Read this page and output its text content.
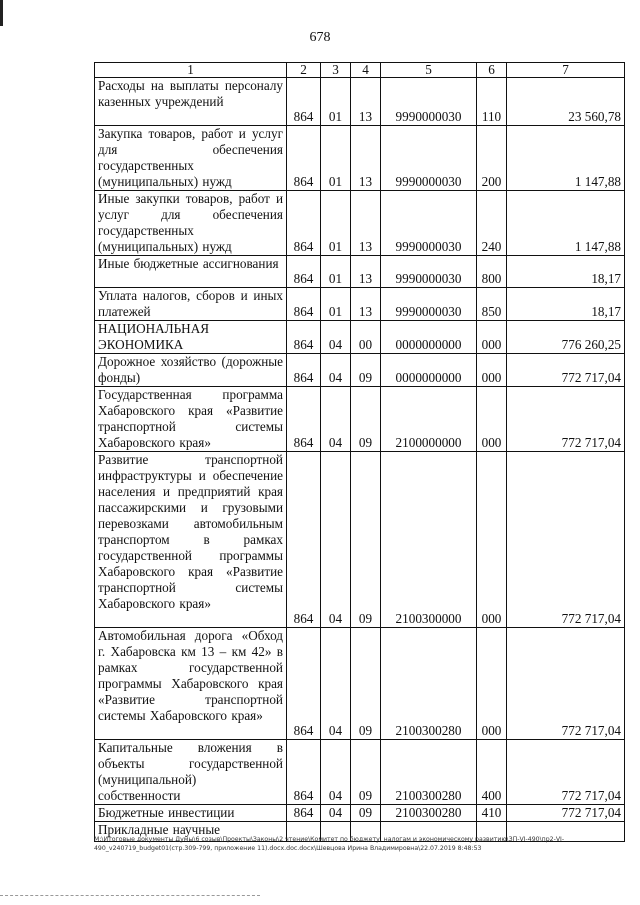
678
1	2	3	4	5	6	7
Расходы на выплаты персоналу казенных учреждений	864	01	13	9990000030	110	23 560,78
Закупка товаров, работ и услуг для обеспечения государственных (муниципальных) нужд	864	01	13	9990000030	200	1 147,88
Иные закупки товаров, работ и услуг для обеспечения государственных (муниципальных) нужд	864	01	13	9990000030	240	1 147,88
Иные бюджетные ассигнования	864	01	13	9990000030	800	18,17
Уплата налогов, сборов и иных платежей	864	01	13	9990000030	850	18,17
НАЦИОНАЛЬНАЯ ЭКОНОМИКА	864	04	00	0000000000	000	776 260,25
Дорожное хозяйство (дорожные фонды)	864	04	09	0000000000	000	772 717,04
Государственная программа Хабаровского края «Развитие транспортной системы Хабаровского края»	864	04	09	2100000000	000	772 717,04
Развитие транспортной инфраструктуры и обеспечение населения и предприятий края пассажирскими и грузовыми перевозками автомобильным транспортом в рамках государственной программы Хабаровского края «Развитие транспортной системы Хабаровского края»	864	04	09	2100300000	000	772 717,04
Автомобильная дорога «Обход г. Хабаровска км 13 – км 42» в рамках государственной программы Хабаровского края «Развитие транспортной системы Хабаровского края»	864	04	09	2100300280	000	772 717,04
Капитальные вложения в объекты государственной (муниципальной) собственности	864	04	09	2100300280	400	772 717,04
Бюджетные инвестиции	864	04	09	2100300280	410	772 717,04
Прикладные научные						
М:\Итоговые документы Думы\6 созыв\Проекты\Законы\2 чтение\Комитет по бюджету, налогам и экономическому развитию\ЗП-VI-490\пр2-VI-
490_v240719_budget01(стр.309-799, приложение 11).docx.doc.docx\Шевцова Ирина Владимировна\22.07.2019 8:48:53
